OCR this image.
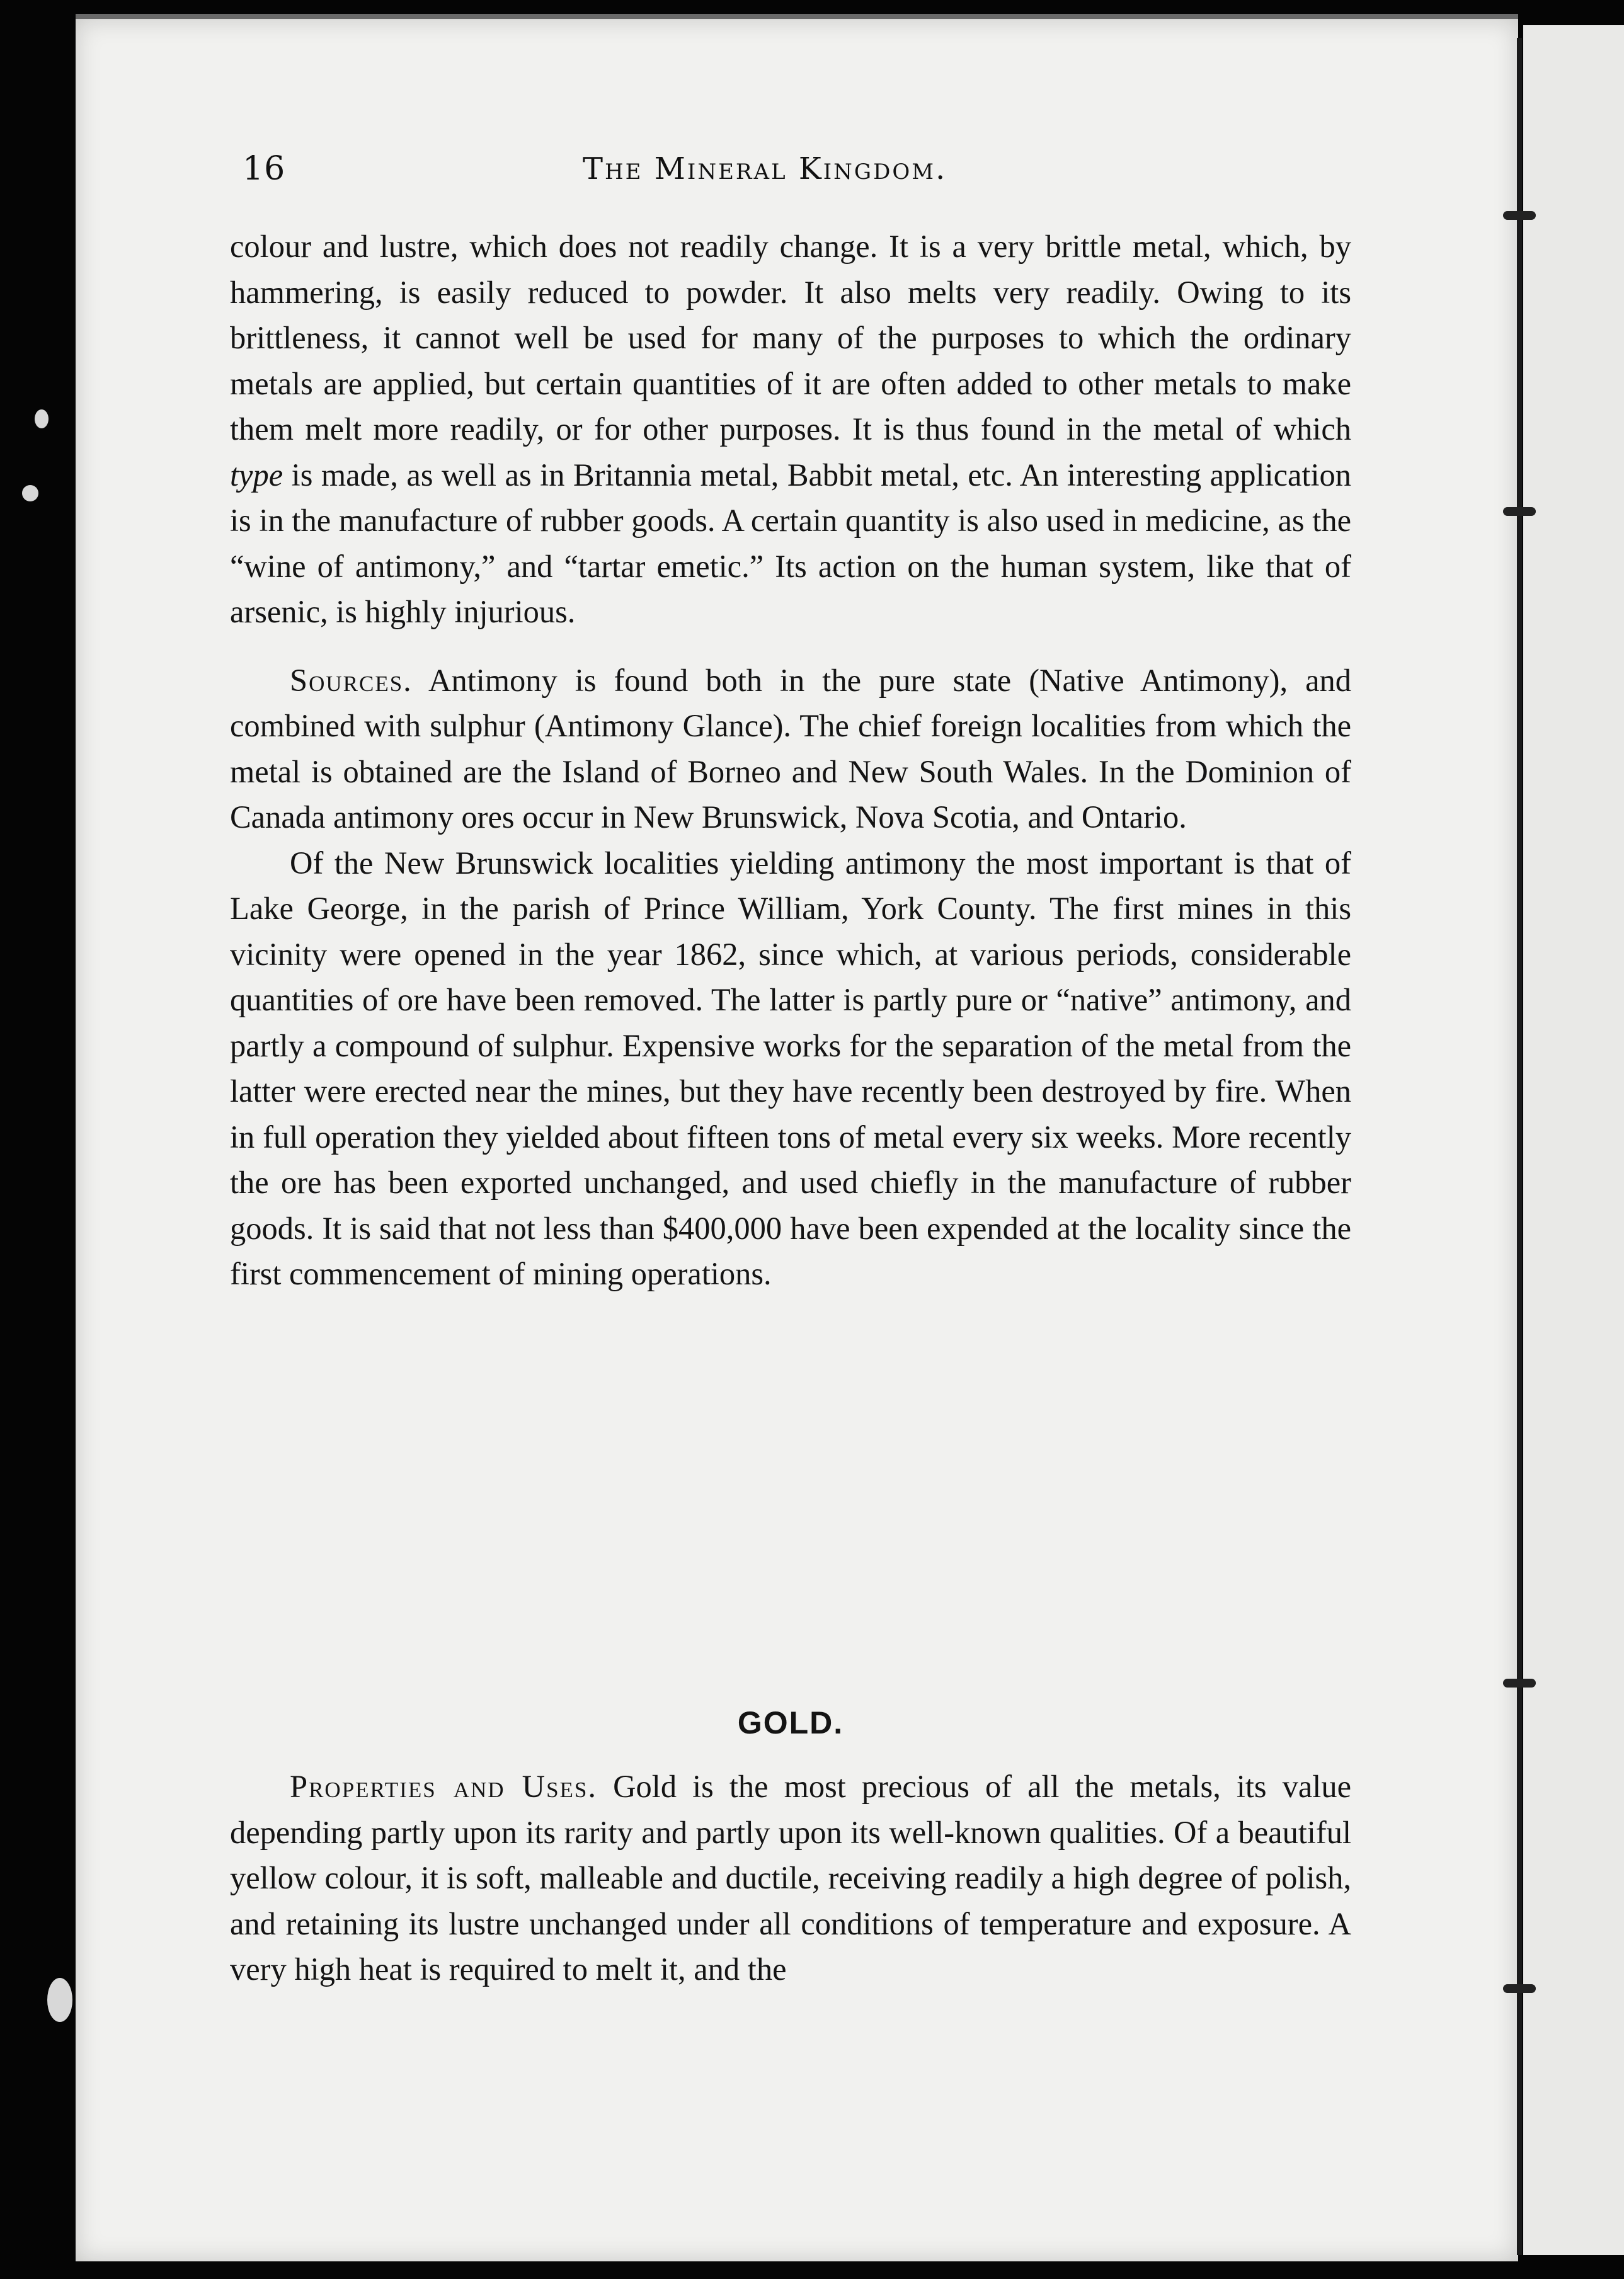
16	The Mineral Kingdom.

colour and lustre, which does not readily change. It is a very brittle metal, which, by hammering, is easily reduced to powder. It also melts very readily. Owing to its brittleness, it cannot well be used for many of the purposes to which the ordinary metals are applied, but certain quantities of it are often added to other metals to make them melt more readily, or for other purposes. It is thus found in the metal of which type is made, as well as in Britannia metal, Babbit metal, etc. An interesting application is in the manufacture of rubber goods. A certain quantity is also used in medicine, as the “wine of antimony,” and “tartar emetic.” Its action on the human system, like that of arsenic, is highly injurious.

Sources. Antimony is found both in the pure state (Native Antimony), and combined with sulphur (Antimony Glance). The chief foreign localities from which the metal is obtained are the Island of Borneo and New South Wales. In the Dominion of Canada antimony ores occur in New Brunswick, Nova Scotia, and Ontario.

Of the New Brunswick localities yielding antimony the most important is that of Lake George, in the parish of Prince William, York County. The first mines in this vicinity were opened in the year 1862, since which, at various periods, considerable quantities of ore have been removed. The latter is partly pure or “native” antimony, and partly a compound of sulphur. Expensive works for the separation of the metal from the latter were erected near the mines, but they have recently been destroyed by fire. When in full operation they yielded about fifteen tons of metal every six weeks. More recently the ore has been exported unchanged, and used chiefly in the manufacture of rubber goods. It is said that not less than $400,000 have been expended at the locality since the first commencement of mining operations.

GOLD.

Properties and Uses. Gold is the most precious of all the metals, its value depending partly upon its rarity and partly upon its well-known qualities. Of a beautiful yellow colour, it is soft, malleable and ductile, receiving readily a high degree of polish, and retaining its lustre unchanged under all conditions of temperature and exposure. A very high heat is required to melt it, and the
